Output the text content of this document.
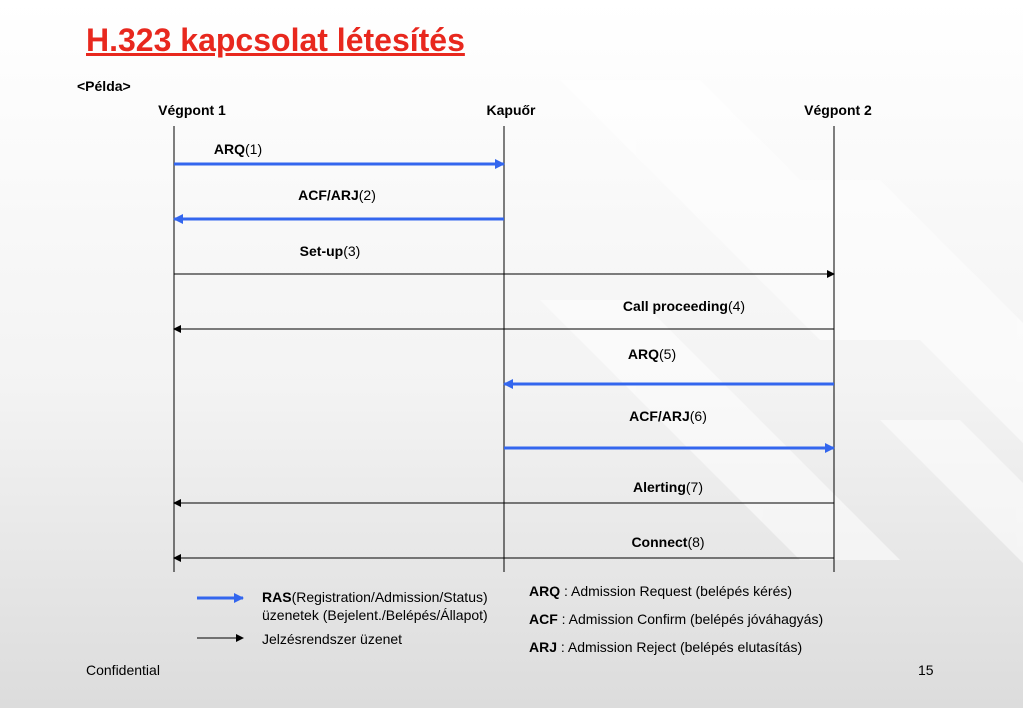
H.323 kapcsolat létesítés
<Példa>
Végpont 1	Kapuőr	Végpont 2
ARQ(1)
ACF/ARJ(2)
Set-up(3)
Call proceeding(4)
ARQ(5)
ACF/ARJ(6)
Alerting(7)
Connect(8)
RAS(Registration/Admission/Status)
üzenetek (Bejelent./Belépés/Állapot)
Jelzésrendszer üzenet
ARQ : Admission Request (belépés kérés)
ACF : Admission Confirm (belépés jóváhagyás)
ARJ : Admission Reject (belépés elutasítás)
Confidential	15
